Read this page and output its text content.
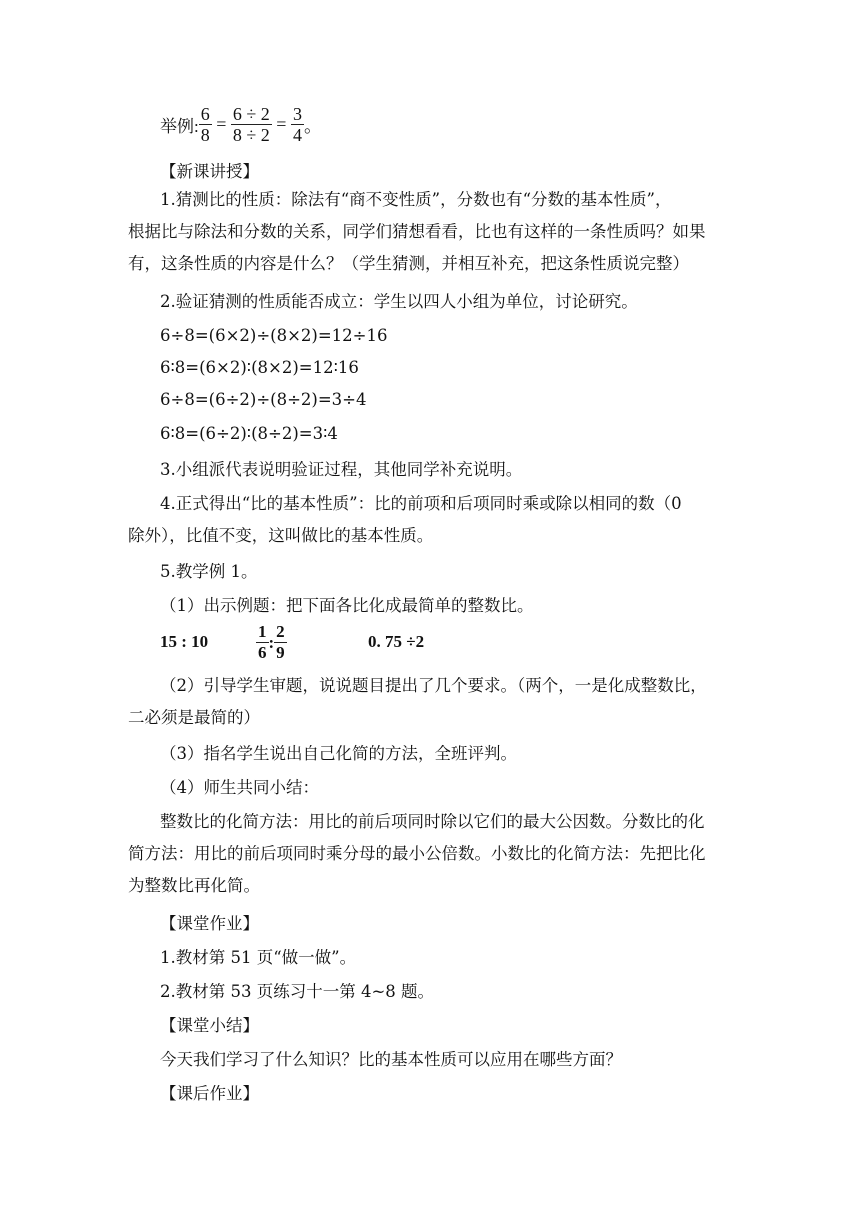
举例: $\frac{6}{8} = \frac{6 \div 2}{8 \div 2} = \frac{3}{4}$ 。
【新课讲授】
1.猜测比的性质：除法有“商不变性质”，分数也有“分数的基本性质”，
根据比与除法和分数的关系，同学们猜想看看，比也有这样的一条性质吗？如果
有，这条性质的内容是什么？（学生猜测，并相互补充，把这条性质说完整）
2.验证猜测的性质能否成立：学生以四人小组为单位，讨论研究。
6÷8=(6×2)÷(8×2)=12÷16
6∶8=(6×2)∶(8×2)=12∶16
6÷8=(6÷2)÷(8÷2)=3÷4
6∶8=(6÷2)∶(8÷2)=3∶4
3.小组派代表说明验证过程，其他同学补充说明。
4.正式得出“比的基本性质”：比的前项和后项同时乘或除以相同的数（0
除外），比值不变，这叫做比的基本性质。
5.教学例 1。
（1）出示例题：把下面各比化成最简单的整数比。
15 : 10	$\frac{1}{6}$ : $\frac{2}{9}$	0. 75 ÷2
（2）引导学生审题，说说题目提出了几个要求。（两个，一是化成整数比，
二必须是最简的）
（3）指名学生说出自己化简的方法，全班评判。
（4）师生共同小结：
整数比的化简方法：用比的前后项同时除以它们的最大公因数。分数比的化
简方法：用比的前后项同时乘分母的最小公倍数。小数比的化简方法：先把比化
为整数比再化简。
【课堂作业】
1.教材第 51 页“做一做”。
2.教材第 53 页练习十一第 4~8 题。
【课堂小结】
今天我们学习了什么知识？比的基本性质可以应用在哪些方面？
【课后作业】
